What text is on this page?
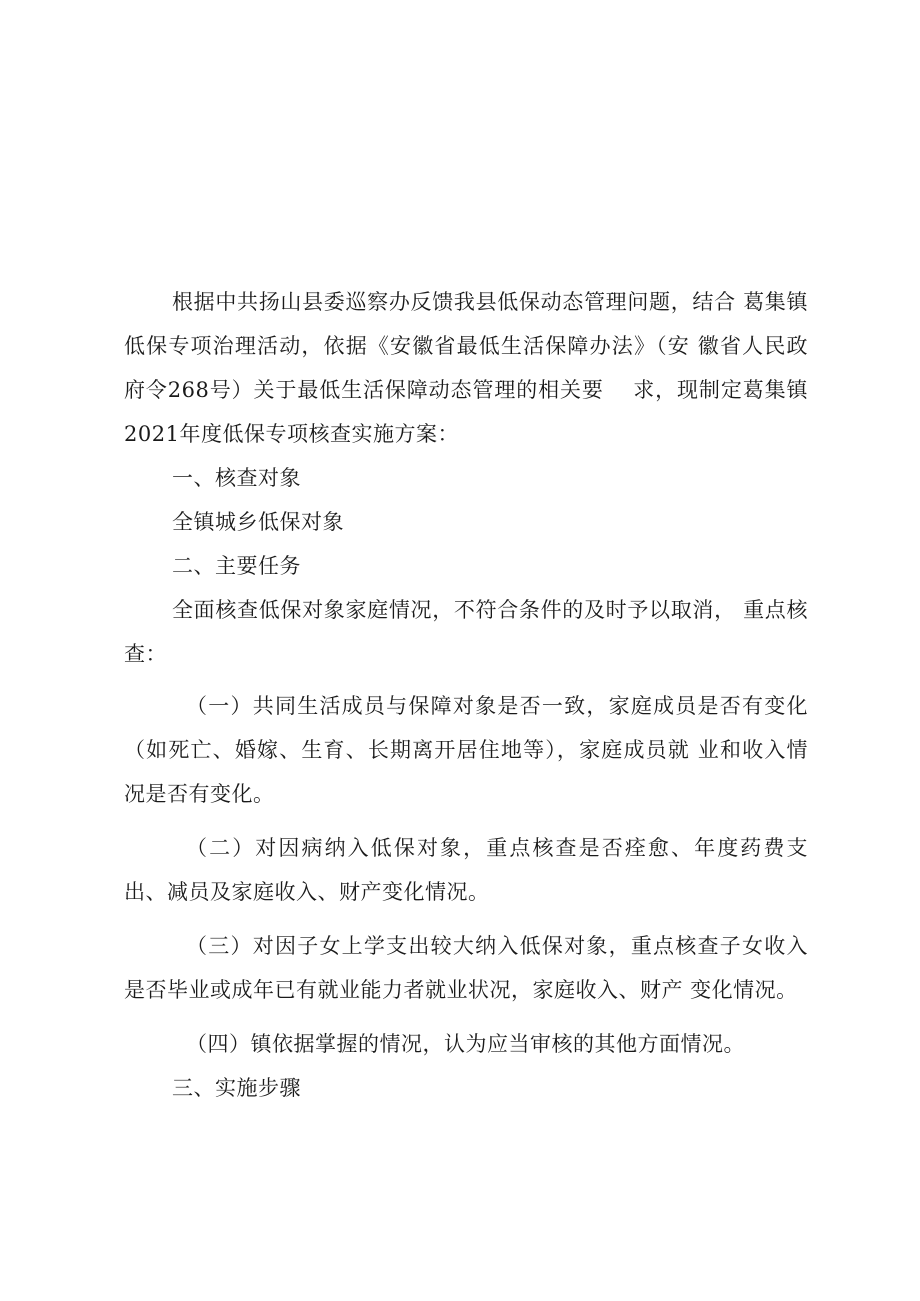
根据中共扬山县委巡察办反馈我县低保动态管理问题，结合 葛集镇低保专项治理活动，依据《安徽省最低生活保障办法》（安 徽省人民政府令268号）关于最低生活保障动态管理的相关要　 求，现制定葛集镇2021年度低保专项核查实施方案：

一、核查对象

全镇城乡低保对象

二、主要任务

全面核查低保对象家庭情况，不符合条件的及时予以取消， 重点核查：

（一）共同生活成员与保障对象是否一致，家庭成员是否有变化（如死亡、婚嫁、生育、长期离开居住地等），家庭成员就 业和收入情况是否有变化。

（二）对因病纳入低保对象，重点核查是否痊愈、年度药费支出、减员及家庭收入、财产变化情况。

（三）对因子女上学支出较大纳入低保对象，重点核查子女收入是否毕业或成年已有就业能力者就业状况，家庭收入、财产 变化情况。

（四）镇依据掌握的情况，认为应当审核的其他方面情况。

三、实施步骤
